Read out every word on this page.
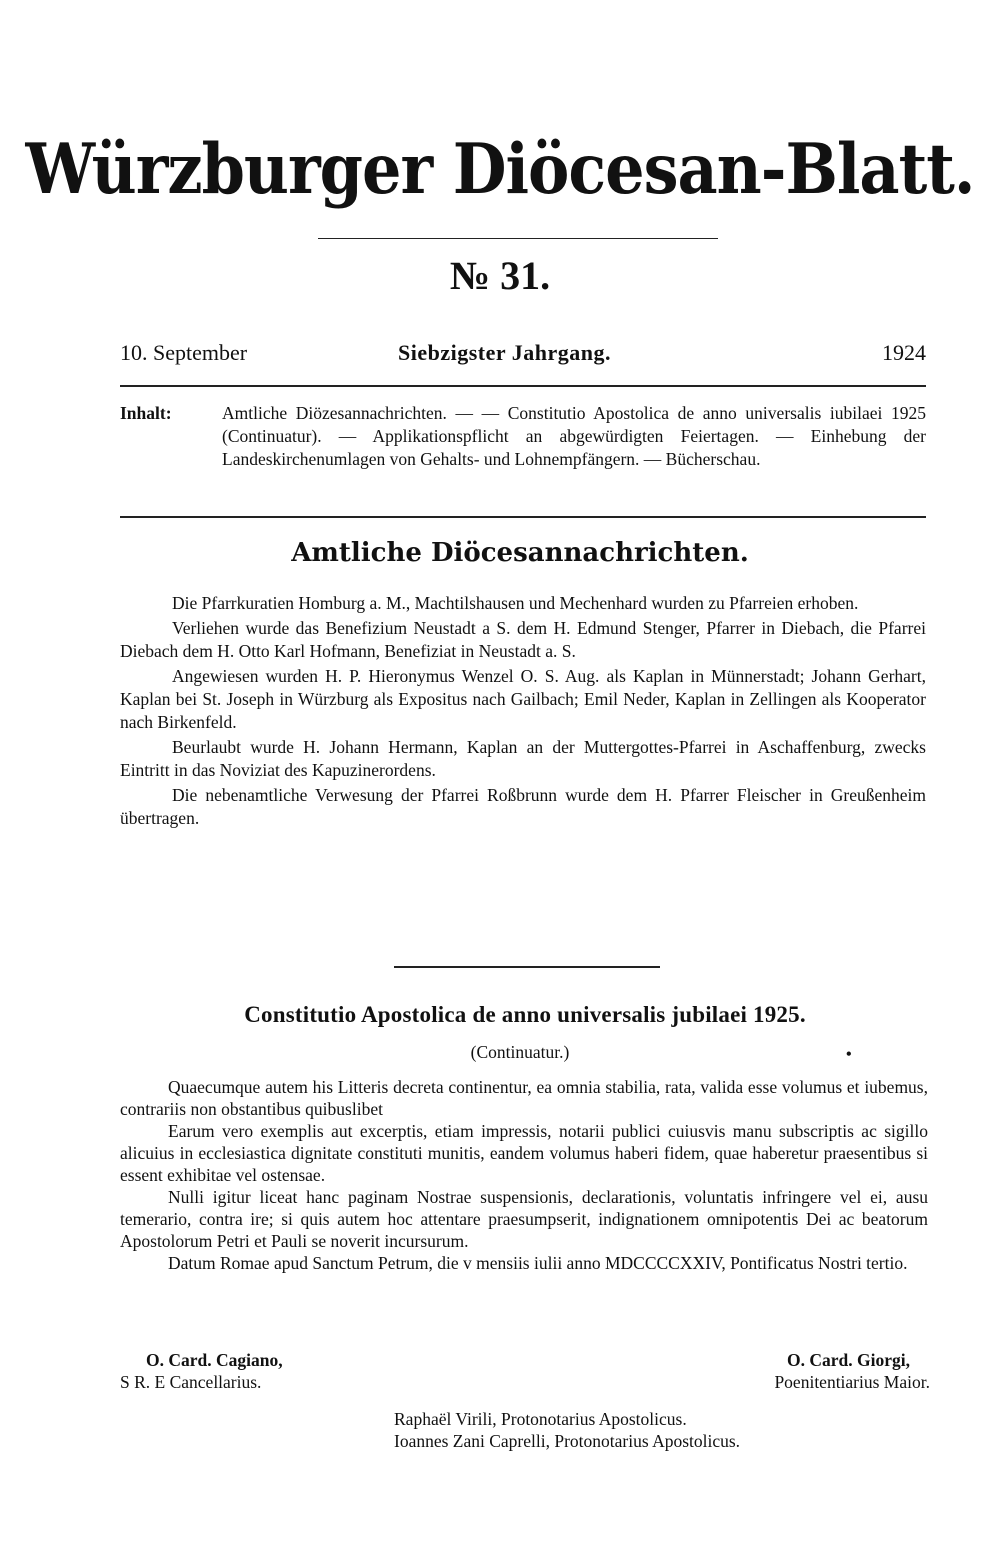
Würzburger Diöcesan-Blatt.
№ 31.
10. September	Siebzigster Jahrgang.	1924
Inhalt:	Amtliche Diözesannachrichten. — — Constitutio Apostolica de anno universalis iubilaei 1925 (Continuatur). — Applikationspflicht an abgewürdigten Feiertagen. — Einhebung der Landeskirchenumlagen von Gehalts- und Lohnempfängern. — Bücherschau.
Amtliche Diöcesannachrichten.

Die Pfarrkuratien Homburg a. M., Machtilshausen und Mechenhard wurden zu Pfarreien erhoben.

Verliehen wurde das Benefizium Neustadt a S. dem H. Edmund Stenger, Pfarrer in Diebach, die Pfarrei Diebach dem H. Otto Karl Hofmann, Benefiziat in Neustadt a. S.

Angewiesen wurden H. P. Hieronymus Wenzel O. S. Aug. als Kaplan in Münnerstadt; Johann Gerhart, Kaplan bei St. Joseph in Würzburg als Expositus nach Gailbach; Emil Neder, Kaplan in Zellingen als Kooperator nach Birkenfeld.

Beurlaubt wurde H. Johann Hermann, Kaplan an der Muttergottes-Pfarrei in Aschaffenburg, zwecks Eintritt in das Noviziat des Kapuzinerordens.

Die nebenamtliche Verwesung der Pfarrei Roßbrunn wurde dem H. Pfarrer Fleischer in Greußenheim übertragen.

Constitutio Apostolica de anno universalis jubilaei 1925.
(Continuatur.)	•

Quaecumque autem his Litteris decreta continentur, ea omnia stabilia, rata, valida esse volumus et iubemus, contrariis non obstantibus quibuslibet

Earum vero exemplis aut excerptis, etiam impressis, notarii publici cuiusvis manu subscriptis ac sigillo alicuius in ecclesiastica dignitate constituti munitis, eandem volumus haberi fidem, quae haberetur praesentibus si essent exhibitae vel ostensae.

Nulli igitur liceat hanc paginam Nostrae suspensionis, declarationis, voluntatis infringere vel ei, ausu temerario, contra ire; si quis autem hoc attentare praesumpserit, indignationem omnipotentis Dei ac beatorum Apostolorum Petri et Pauli se noverit incursurum.

Datum Romae apud Sanctum Petrum, die v mensiis iulii anno MDCCCCXXIV, Pontificatus Nostri tertio.

O. Card. Cagiano,
S R. E Cancellarius.
O. Card. Giorgi,
Poenitentiarius Maior.
Raphaël Virili, Protonotarius Apostolicus.
Ioannes Zani Caprelli, Protonotarius Apostolicus.
